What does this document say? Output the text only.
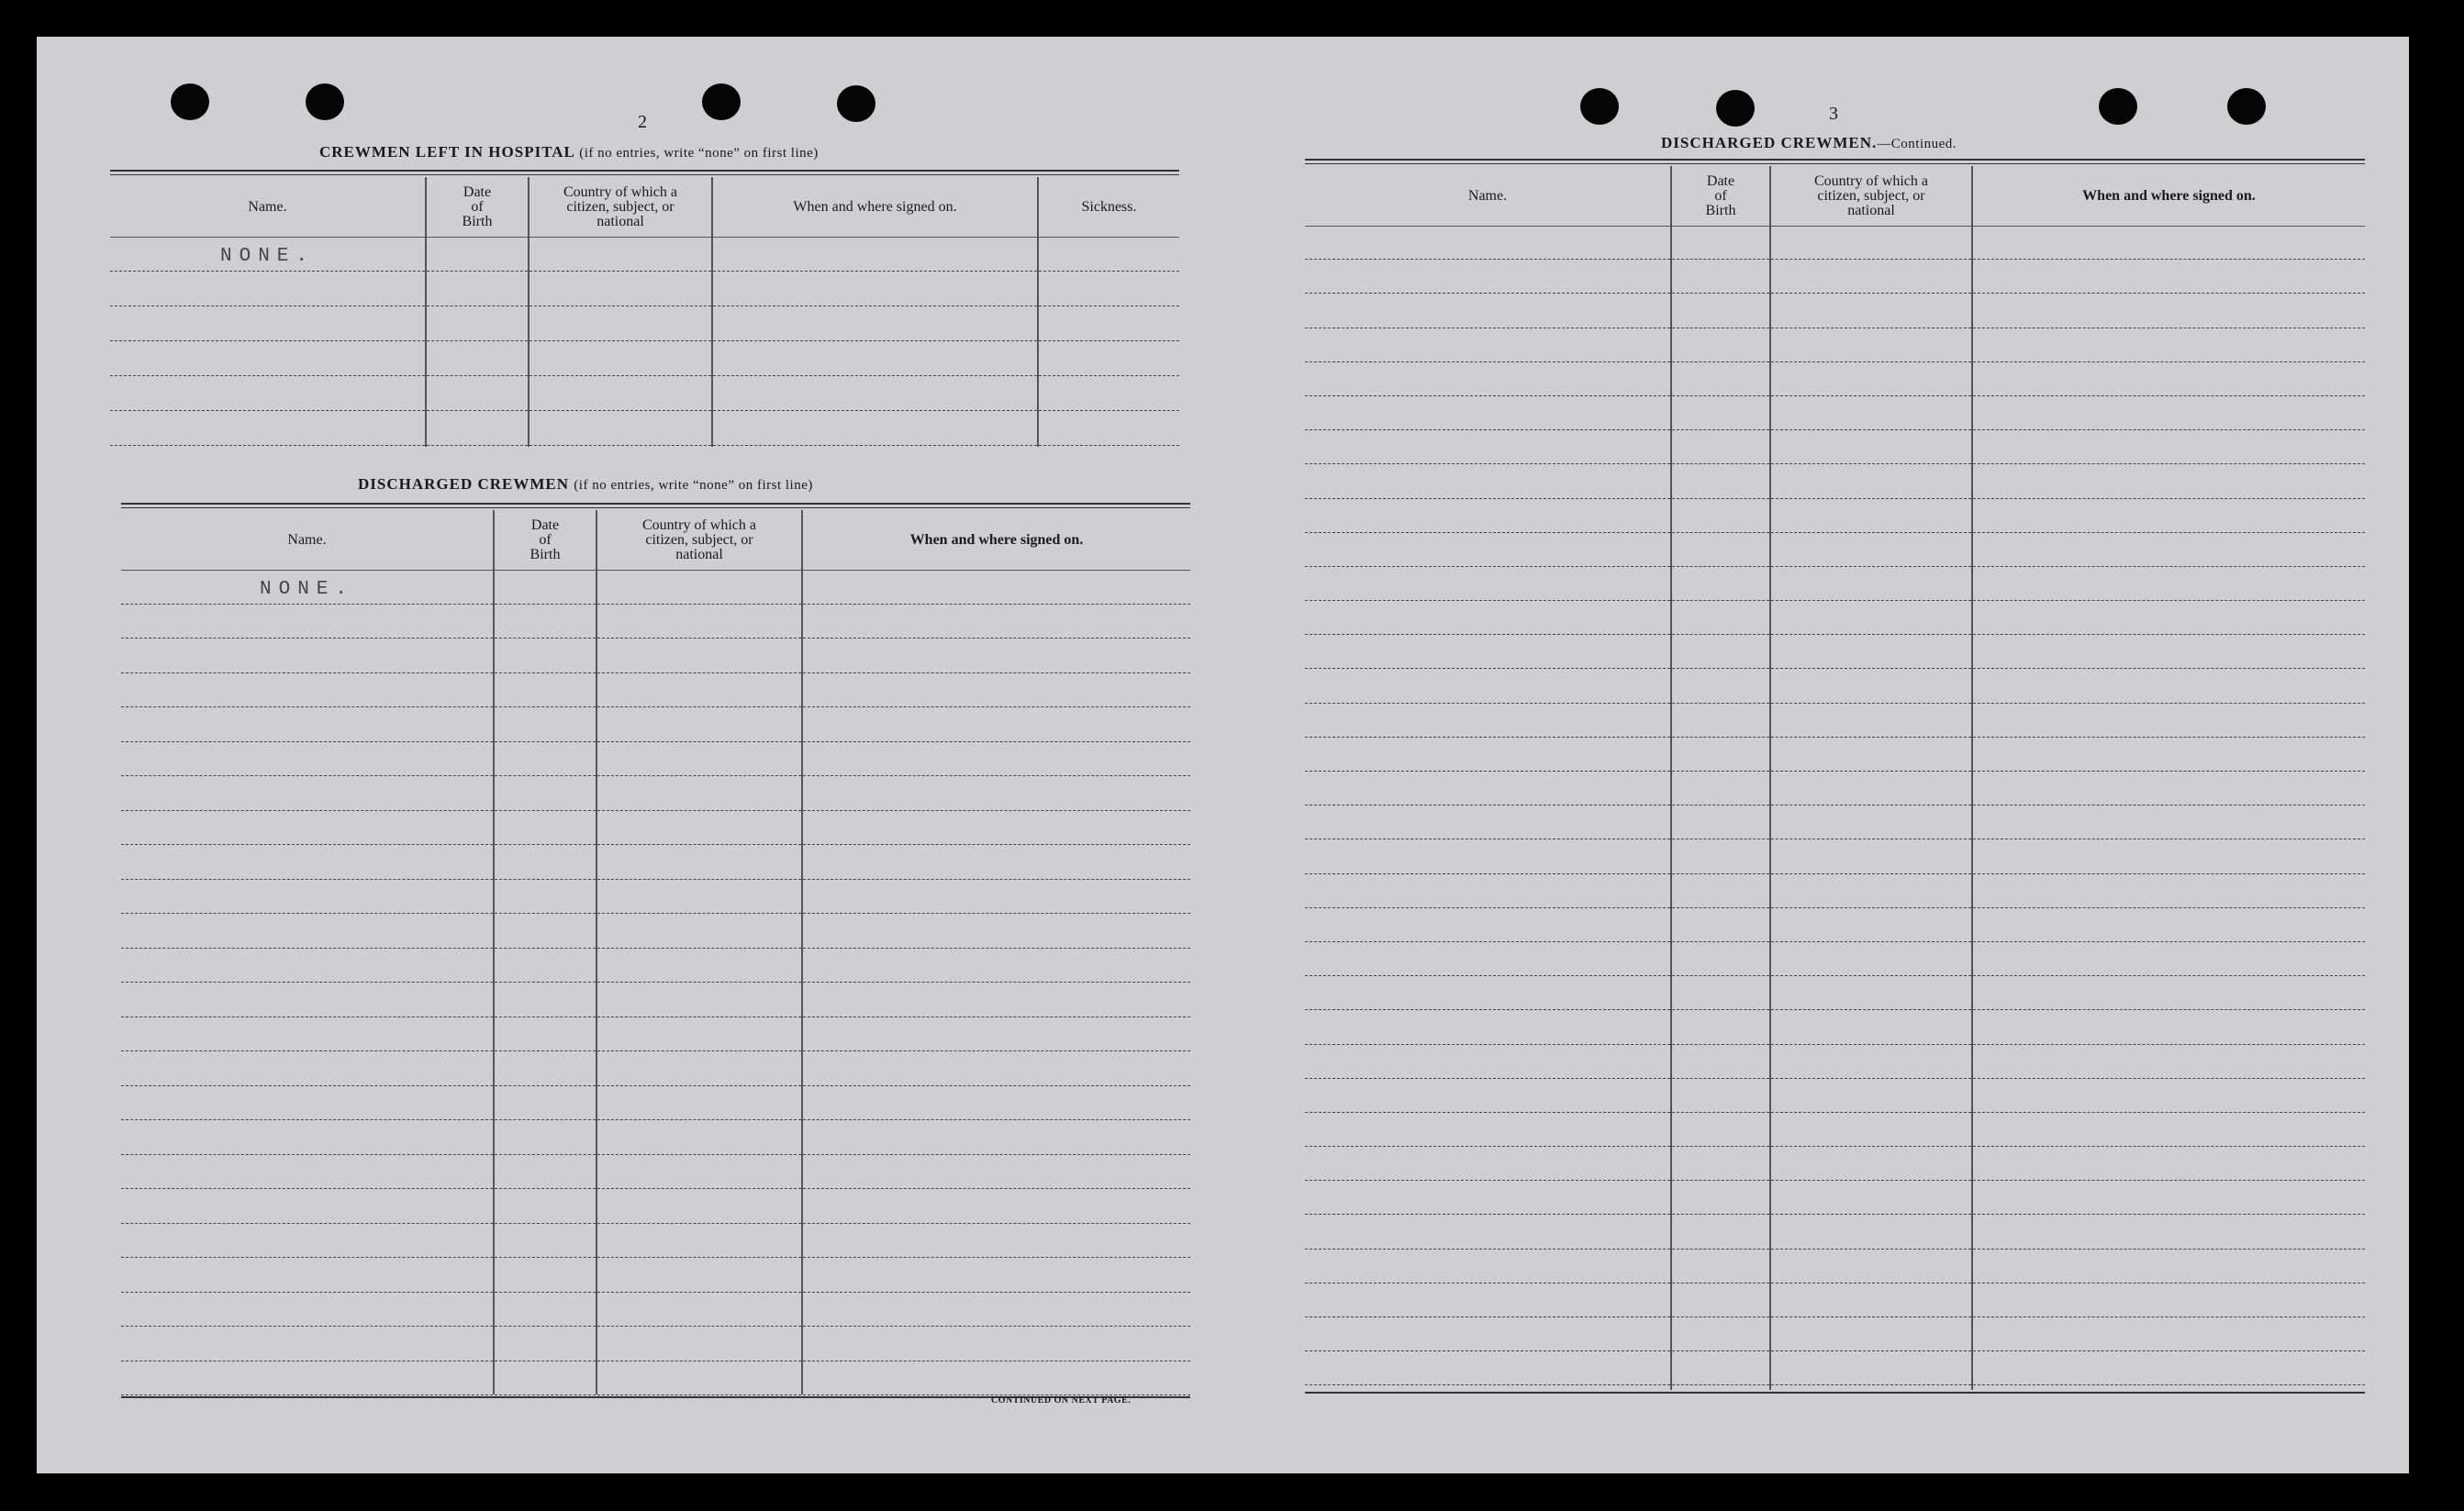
2
CREWMEN LEFT IN HOSPITAL (if no entries, write “none” on first line)
Name.
NONE.
Date
of
Birth
Country of which a
citizen, subject, or
national
When and where signed on.	Sickness.
Name.
NONE.
Date
of
Birth
Country of which a
citizen, subject, or
national
When and where signed on.
DISCHARGED CREWMEN (if no entries, write “none” on first line)
CONTINUED ON NEXT PAGE.
3
DISCHARGED CREWMEN.—Continued.
Name.
Date
of
Birth
Country of which a
citizen, subject, or
national
When and where signed on.
